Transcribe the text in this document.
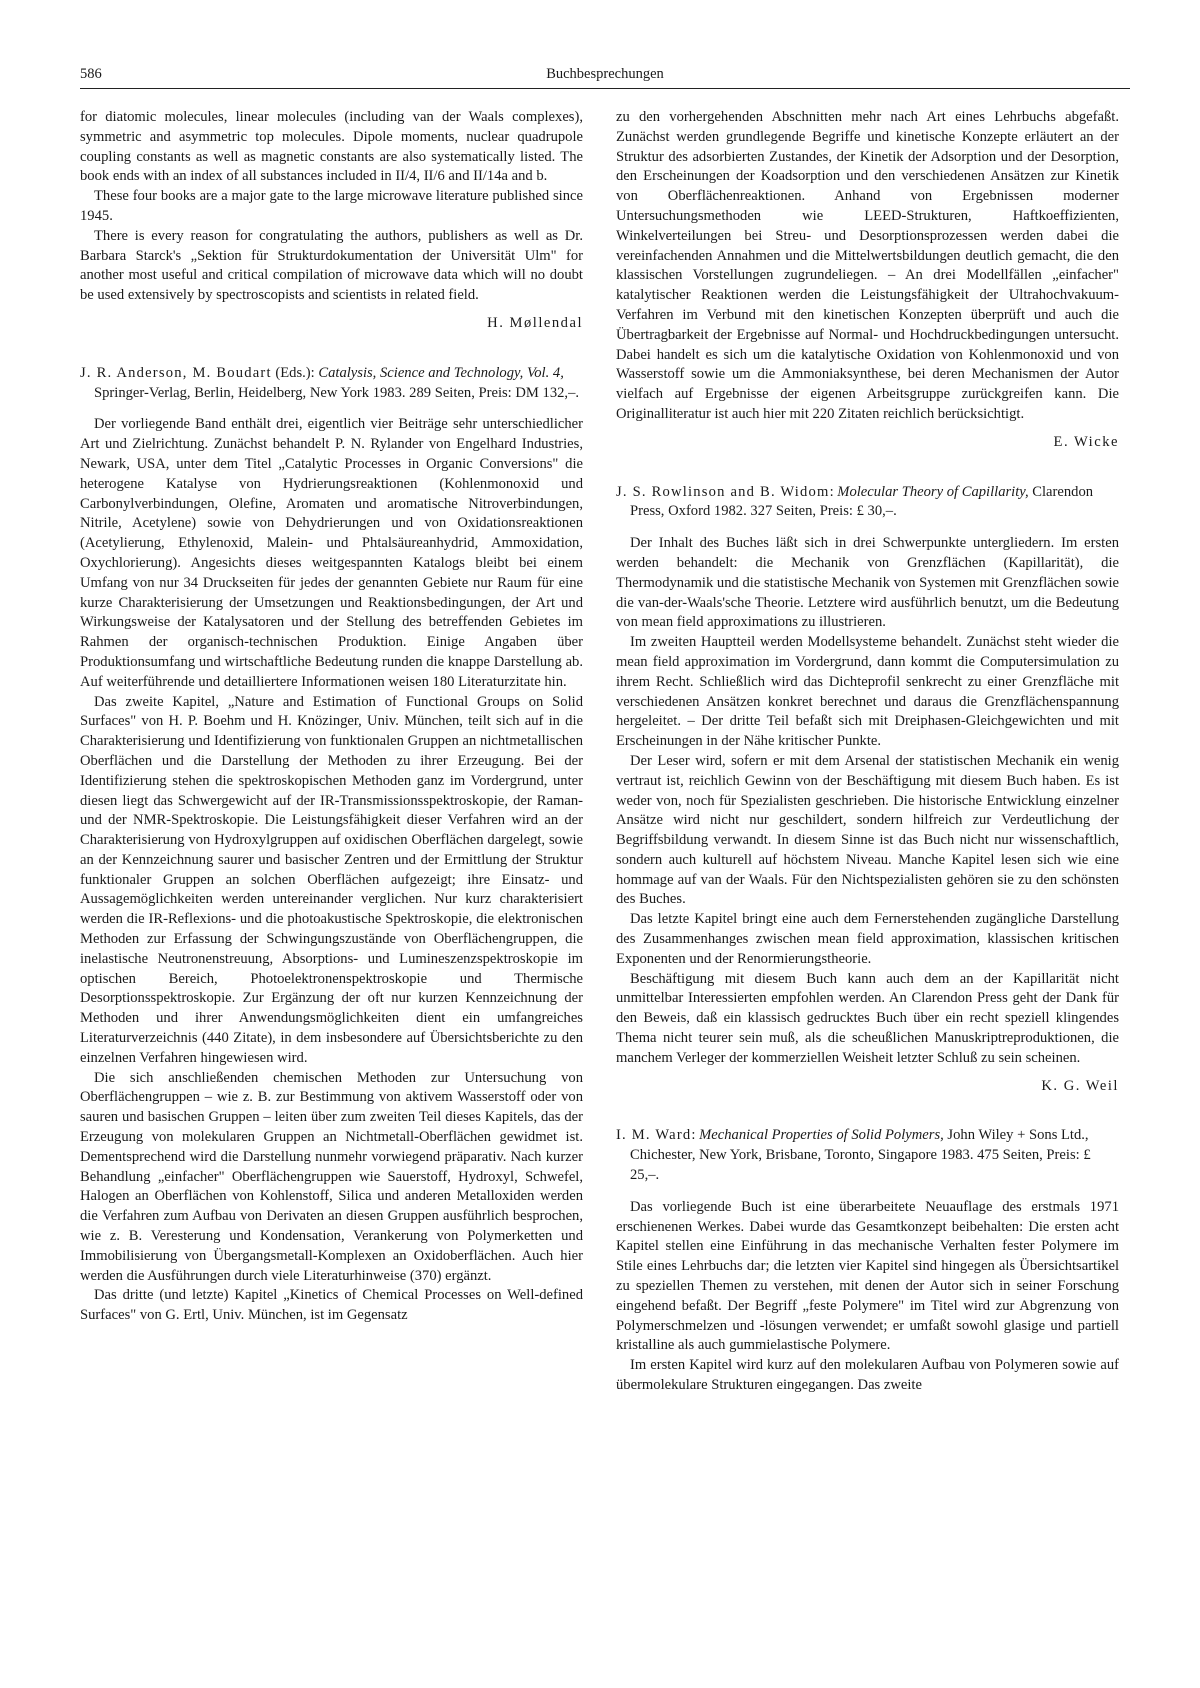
586	Buchbesprechungen

for diatomic molecules, linear molecules (including van der Waals complexes), symmetric and asymmetric top molecules. Dipole moments, nuclear quadrupole coupling constants as well as magnetic constants are also systematically listed. The book ends with an index of all substances included in II/4, II/6 and II/14a and b.

These four books are a major gate to the large microwave literature published since 1945.

There is every reason for congratulating the authors, publishers as well as Dr. Barbara Starck's „Sektion für Strukturdokumentation der Universität Ulm" for another most useful and critical compilation of microwave data which will no doubt be used extensively by spectroscopists and scientists in related field.

H. Møllendal
J. R. Anderson, M. Boudart (Eds.): Catalysis, Science and Technology, Vol. 4, Springer-Verlag, Berlin, Heidelberg, New York 1983. 289 Seiten, Preis: DM 132,–.

Der vorliegende Band enthält drei, eigentlich vier Beiträge sehr unterschiedlicher Art und Zielrichtung. Zunächst behandelt P. N. Rylander von Engelhard Industries, Newark, USA, unter dem Titel „Catalytic Processes in Organic Conversions" die heterogene Katalyse von Hydrierungsreaktionen (Kohlenmonoxid und Carbonylverbindungen, Olefine, Aromaten und aromatische Nitroverbindungen, Nitrile, Acetylene) sowie von Dehydrierungen und von Oxidationsreaktionen (Acetylierung, Ethylenoxid, Malein- und Phtalsäureanhydrid, Ammoxidation, Oxychlorierung). Angesichts dieses weitgespannten Katalogs bleibt bei einem Umfang von nur 34 Druckseiten für jedes der genannten Gebiete nur Raum für eine kurze Charakterisierung der Umsetzungen und Reaktionsbedingungen, der Art und Wirkungsweise der Katalysatoren und der Stellung des betreffenden Gebietes im Rahmen der organisch-technischen Produktion. Einige Angaben über Produktionsumfang und wirtschaftliche Bedeutung runden die knappe Darstellung ab. Auf weiterführende und detailliertere Informationen weisen 180 Literaturzitate hin.

Das zweite Kapitel, „Nature and Estimation of Functional Groups on Solid Surfaces" von H. P. Boehm und H. Knözinger, Univ. München, teilt sich auf in die Charakterisierung und Identifizierung von funktionalen Gruppen an nichtmetallischen Oberflächen und die Darstellung der Methoden zu ihrer Erzeugung. Bei der Identifizierung stehen die spektroskopischen Methoden ganz im Vordergrund, unter diesen liegt das Schwergewicht auf der IR-Transmissionsspektroskopie, der Raman- und der NMR-Spektroskopie. Die Leistungsfähigkeit dieser Verfahren wird an der Charakterisierung von Hydroxylgruppen auf oxidischen Oberflächen dargelegt, sowie an der Kennzeichnung saurer und basischer Zentren und der Ermittlung der Struktur funktionaler Gruppen an solchen Oberflächen aufgezeigt; ihre Einsatz- und Aussagemöglichkeiten werden untereinander verglichen. Nur kurz charakterisiert werden die IR-Reflexions- und die photoakustische Spektroskopie, die elektronischen Methoden zur Erfassung der Schwingungszustände von Oberflächengruppen, die inelastische Neutronenstreuung, Absorptions- und Lumineszenzspektroskopie im optischen Bereich, Photoelektronenspektroskopie und Thermische Desorptionsspektroskopie. Zur Ergänzung der oft nur kurzen Kennzeichnung der Methoden und ihrer Anwendungsmöglichkeiten dient ein umfangreiches Literaturverzeichnis (440 Zitate), in dem insbesondere auf Übersichtsberichte zu den einzelnen Verfahren hingewiesen wird.

Die sich anschließenden chemischen Methoden zur Untersuchung von Oberflächengruppen – wie z. B. zur Bestimmung von aktivem Wasserstoff oder von sauren und basischen Gruppen – leiten über zum zweiten Teil dieses Kapitels, das der Erzeugung von molekularen Gruppen an Nichtmetall-Oberflächen gewidmet ist. Dementsprechend wird die Darstellung nunmehr vorwiegend präparativ. Nach kurzer Behandlung „einfacher" Oberflächengruppen wie Sauerstoff, Hydroxyl, Schwefel, Halogen an Oberflächen von Kohlenstoff, Silica und anderen Metalloxiden werden die Verfahren zum Aufbau von Derivaten an diesen Gruppen ausführlich besprochen, wie z. B. Veresterung und Kondensation, Verankerung von Polymerketten und Immobilisierung von Übergangsmetall-Komplexen an Oxidoberflächen. Auch hier werden die Ausführungen durch viele Literaturhinweise (370) ergänzt.

Das dritte (und letzte) Kapitel „Kinetics of Chemical Processes on Well-defined Surfaces" von G. Ertl, Univ. München, ist im Gegensatz

zu den vorhergehenden Abschnitten mehr nach Art eines Lehrbuchs abgefaßt. Zunächst werden grundlegende Begriffe und kinetische Konzepte erläutert an der Struktur des adsorbierten Zustandes, der Kinetik der Adsorption und der Desorption, den Erscheinungen der Koadsorption und den verschiedenen Ansätzen zur Kinetik von Oberflächenreaktionen. Anhand von Ergebnissen moderner Untersuchungsmethoden wie LEED-Strukturen, Haftkoeffizienten, Winkelverteilungen bei Streu- und Desorptionsprozessen werden dabei die vereinfachenden Annahmen und die Mittelwertsbildungen deutlich gemacht, die den klassischen Vorstellungen zugrundeliegen. – An drei Modellfällen „einfacher" katalytischer Reaktionen werden die Leistungsfähigkeit der Ultrahochvakuum-Verfahren im Verbund mit den kinetischen Konzepten überprüft und auch die Übertragbarkeit der Ergebnisse auf Normal- und Hochdruckbedingungen untersucht. Dabei handelt es sich um die katalytische Oxidation von Kohlenmonoxid und von Wasserstoff sowie um die Ammoniaksynthese, bei deren Mechanismen der Autor vielfach auf Ergebnisse der eigenen Arbeitsgruppe zurückgreifen kann. Die Originalliteratur ist auch hier mit 220 Zitaten reichlich berücksichtigt.

E. Wicke
J. S. Rowlinson and B. Widom: Molecular Theory of Capillarity, Clarendon Press, Oxford 1982. 327 Seiten, Preis: £ 30,–.

Der Inhalt des Buches läßt sich in drei Schwerpunkte untergliedern. Im ersten werden behandelt: die Mechanik von Grenzflächen (Kapillarität), die Thermodynamik und die statistische Mechanik von Systemen mit Grenzflächen sowie die van-der-Waals'sche Theorie. Letztere wird ausführlich benutzt, um die Bedeutung von mean field approximations zu illustrieren.

Im zweiten Hauptteil werden Modellsysteme behandelt. Zunächst steht wieder die mean field approximation im Vordergrund, dann kommt die Computersimulation zu ihrem Recht. Schließlich wird das Dichteprofil senkrecht zu einer Grenzfläche mit verschiedenen Ansätzen konkret berechnet und daraus die Grenzflächenspannung hergeleitet. – Der dritte Teil befaßt sich mit Dreiphasen-Gleichgewichten und mit Erscheinungen in der Nähe kritischer Punkte.

Der Leser wird, sofern er mit dem Arsenal der statistischen Mechanik ein wenig vertraut ist, reichlich Gewinn von der Beschäftigung mit diesem Buch haben. Es ist weder von, noch für Spezialisten geschrieben. Die historische Entwicklung einzelner Ansätze wird nicht nur geschildert, sondern hilfreich zur Verdeutlichung der Begriffsbildung verwandt. In diesem Sinne ist das Buch nicht nur wissenschaftlich, sondern auch kulturell auf höchstem Niveau. Manche Kapitel lesen sich wie eine hommage auf van der Waals. Für den Nichtspezialisten gehören sie zu den schönsten des Buches.

Das letzte Kapitel bringt eine auch dem Fernerstehenden zugängliche Darstellung des Zusammenhanges zwischen mean field approximation, klassischen kritischen Exponenten und der Renormierungstheorie.

Beschäftigung mit diesem Buch kann auch dem an der Kapillarität nicht unmittelbar Interessierten empfohlen werden. An Clarendon Press geht der Dank für den Beweis, daß ein klassisch gedrucktes Buch über ein recht speziell klingendes Thema nicht teurer sein muß, als die scheußlichen Manuskriptreproduktionen, die manchem Verleger der kommerziellen Weisheit letzter Schluß zu sein scheinen.

K. G. Weil
I. M. Ward: Mechanical Properties of Solid Polymers, John Wiley + Sons Ltd., Chichester, New York, Brisbane, Toronto, Singapore 1983. 475 Seiten, Preis: £ 25,–.

Das vorliegende Buch ist eine überarbeitete Neuauflage des erstmals 1971 erschienenen Werkes. Dabei wurde das Gesamtkonzept beibehalten: Die ersten acht Kapitel stellen eine Einführung in das mechanische Verhalten fester Polymere im Stile eines Lehrbuchs dar; die letzten vier Kapitel sind hingegen als Übersichtsartikel zu speziellen Themen zu verstehen, mit denen der Autor sich in seiner Forschung eingehend befaßt. Der Begriff „feste Polymere" im Titel wird zur Abgrenzung von Polymerschmelzen und -lösungen verwendet; er umfaßt sowohl glasige und partiell kristalline als auch gummielastische Polymere.

Im ersten Kapitel wird kurz auf den molekularen Aufbau von Polymeren sowie auf übermolekulare Strukturen eingegangen. Das zweite
